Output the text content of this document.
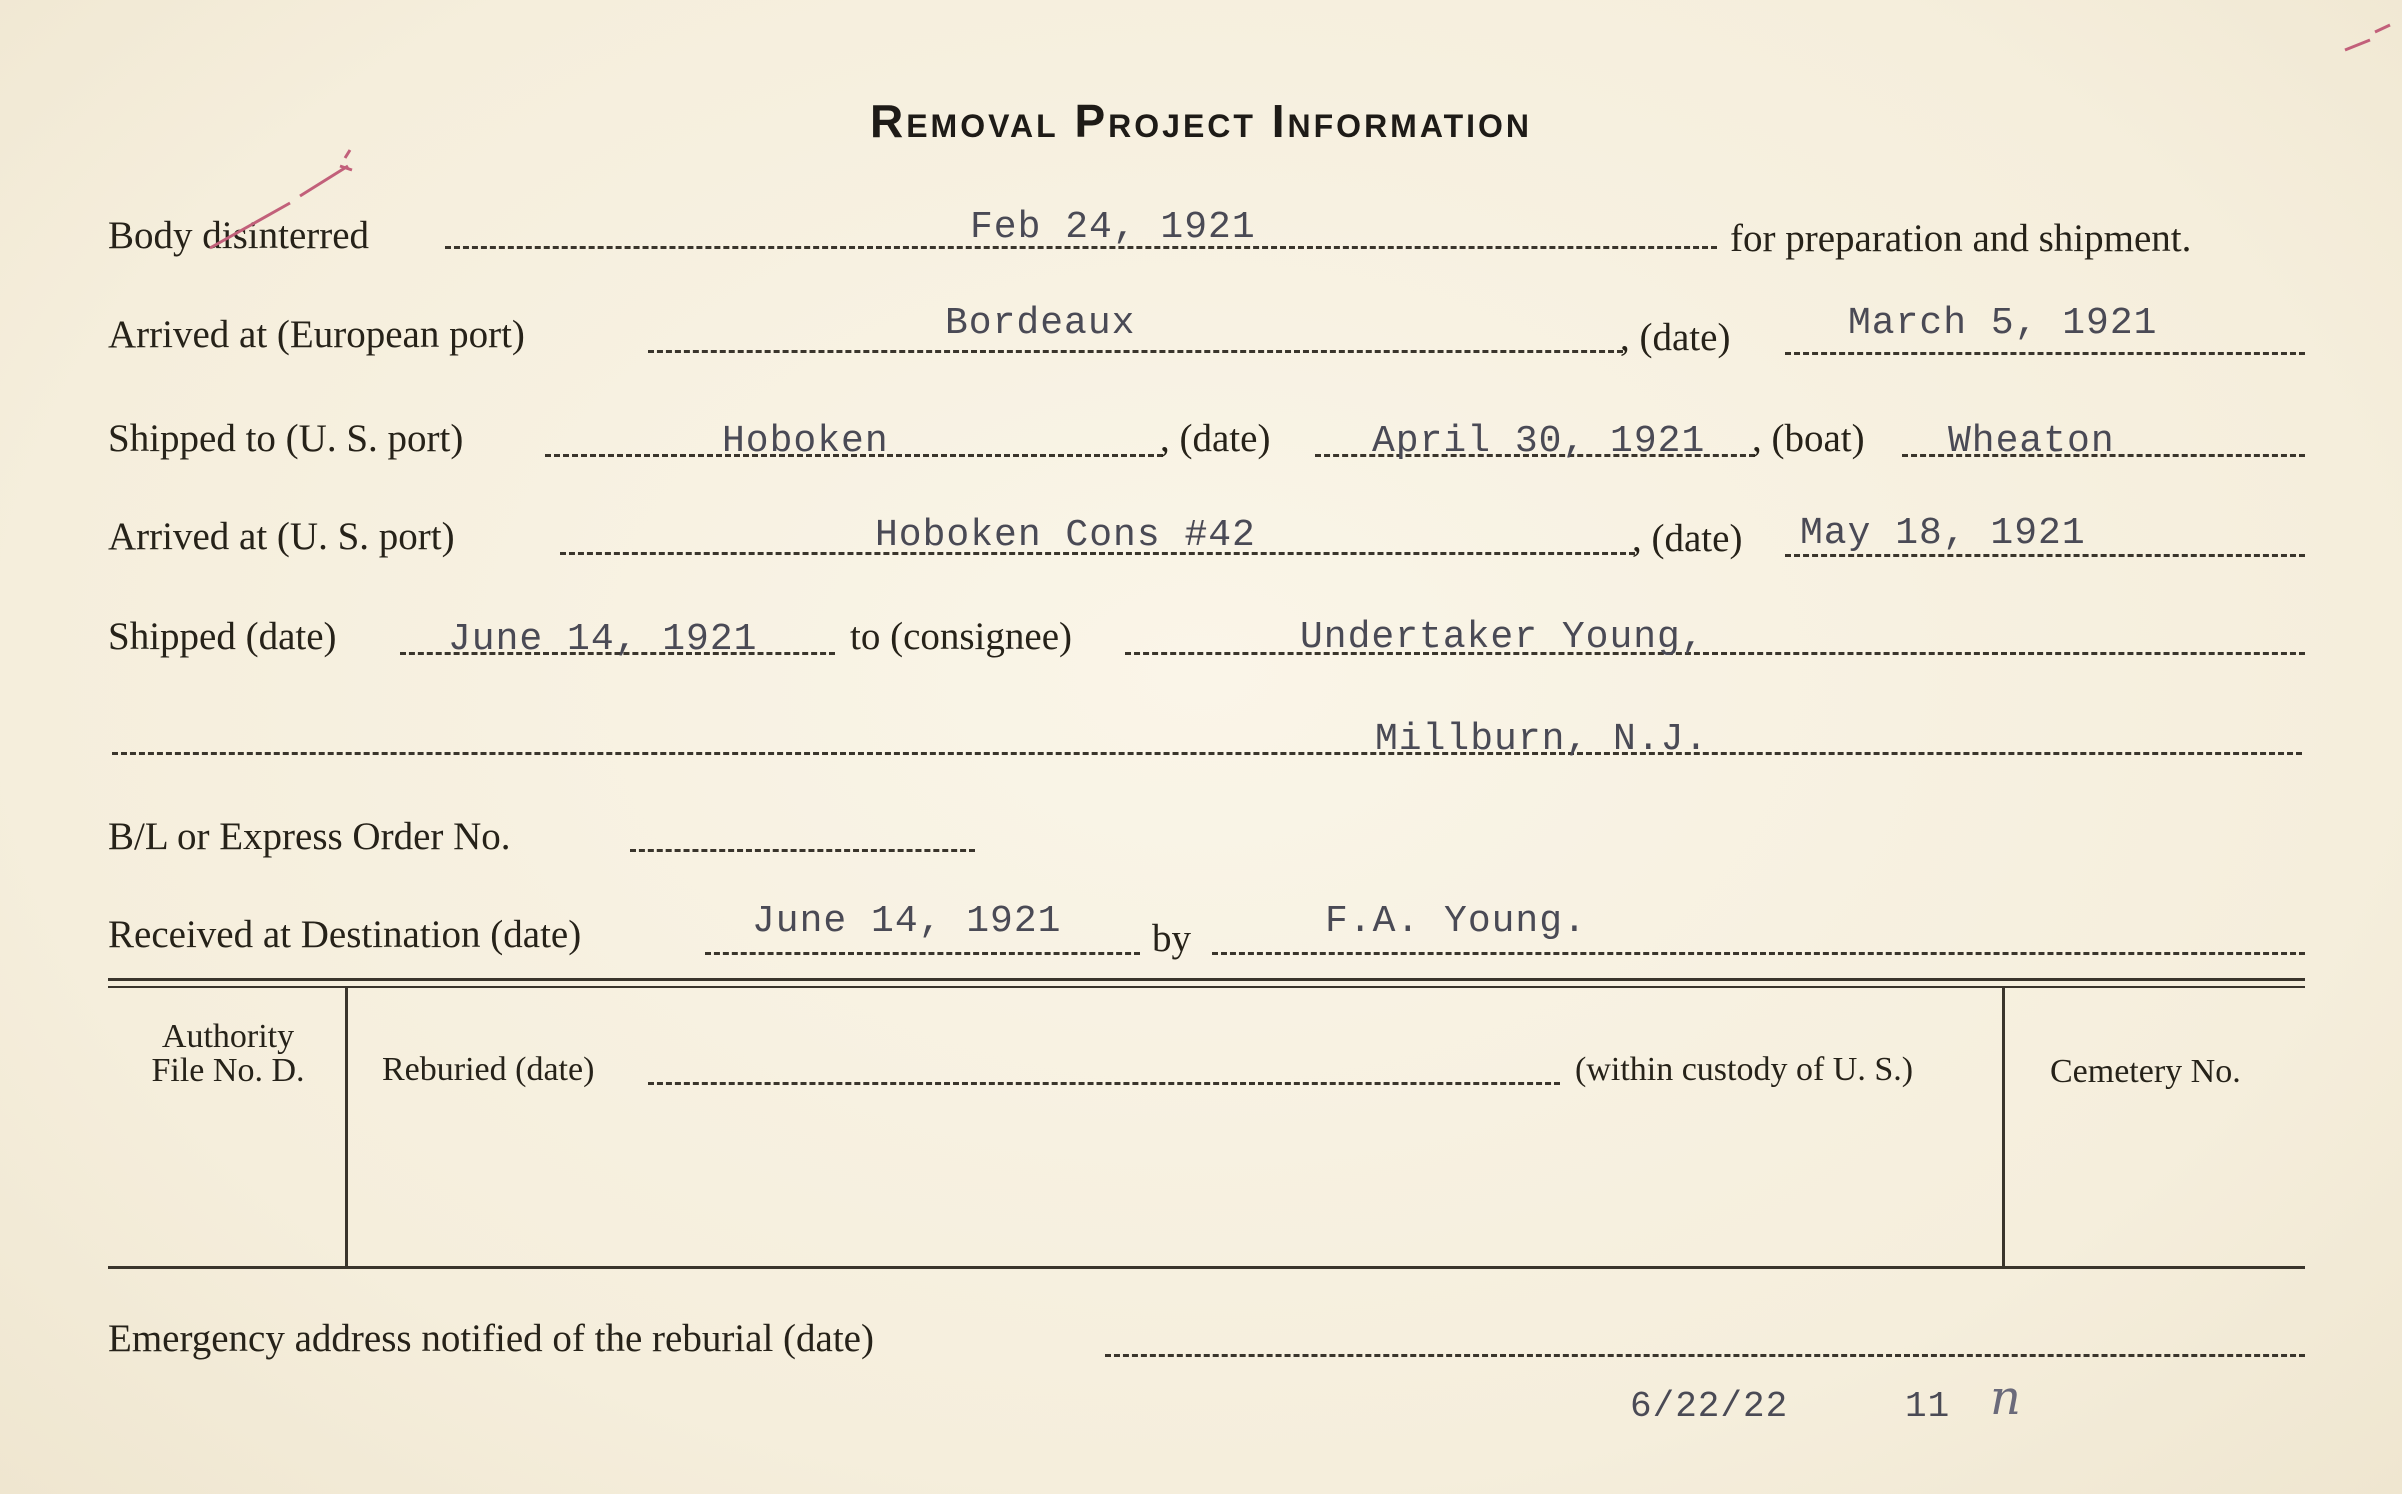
Removal Project Information
Body disinterred	Feb 24, 1921	for preparation and shipment.
Arrived at (European port)	Bordeaux	, (date)	March 5, 1921
Shipped to (U. S. port)	Hoboken	, (date)	April 30, 1921 , (boat) Wheaton
Arrived at (U. S. port)	Hoboken Cons #42	, (date) May 18, 1921
Shipped (date)	June 14, 1921 to (consignee)	Undertaker Young,
Millburn, N.J.
B/L or Express Order No.
Received at Destination (date)	June 14, 1921 by	F.A. Young.
Authority
File No. D.	Reburied (date)	(within custody of U. S.)	Cemetery No.
Emergency address notified of the reburial (date)
6/22/22	11 n
